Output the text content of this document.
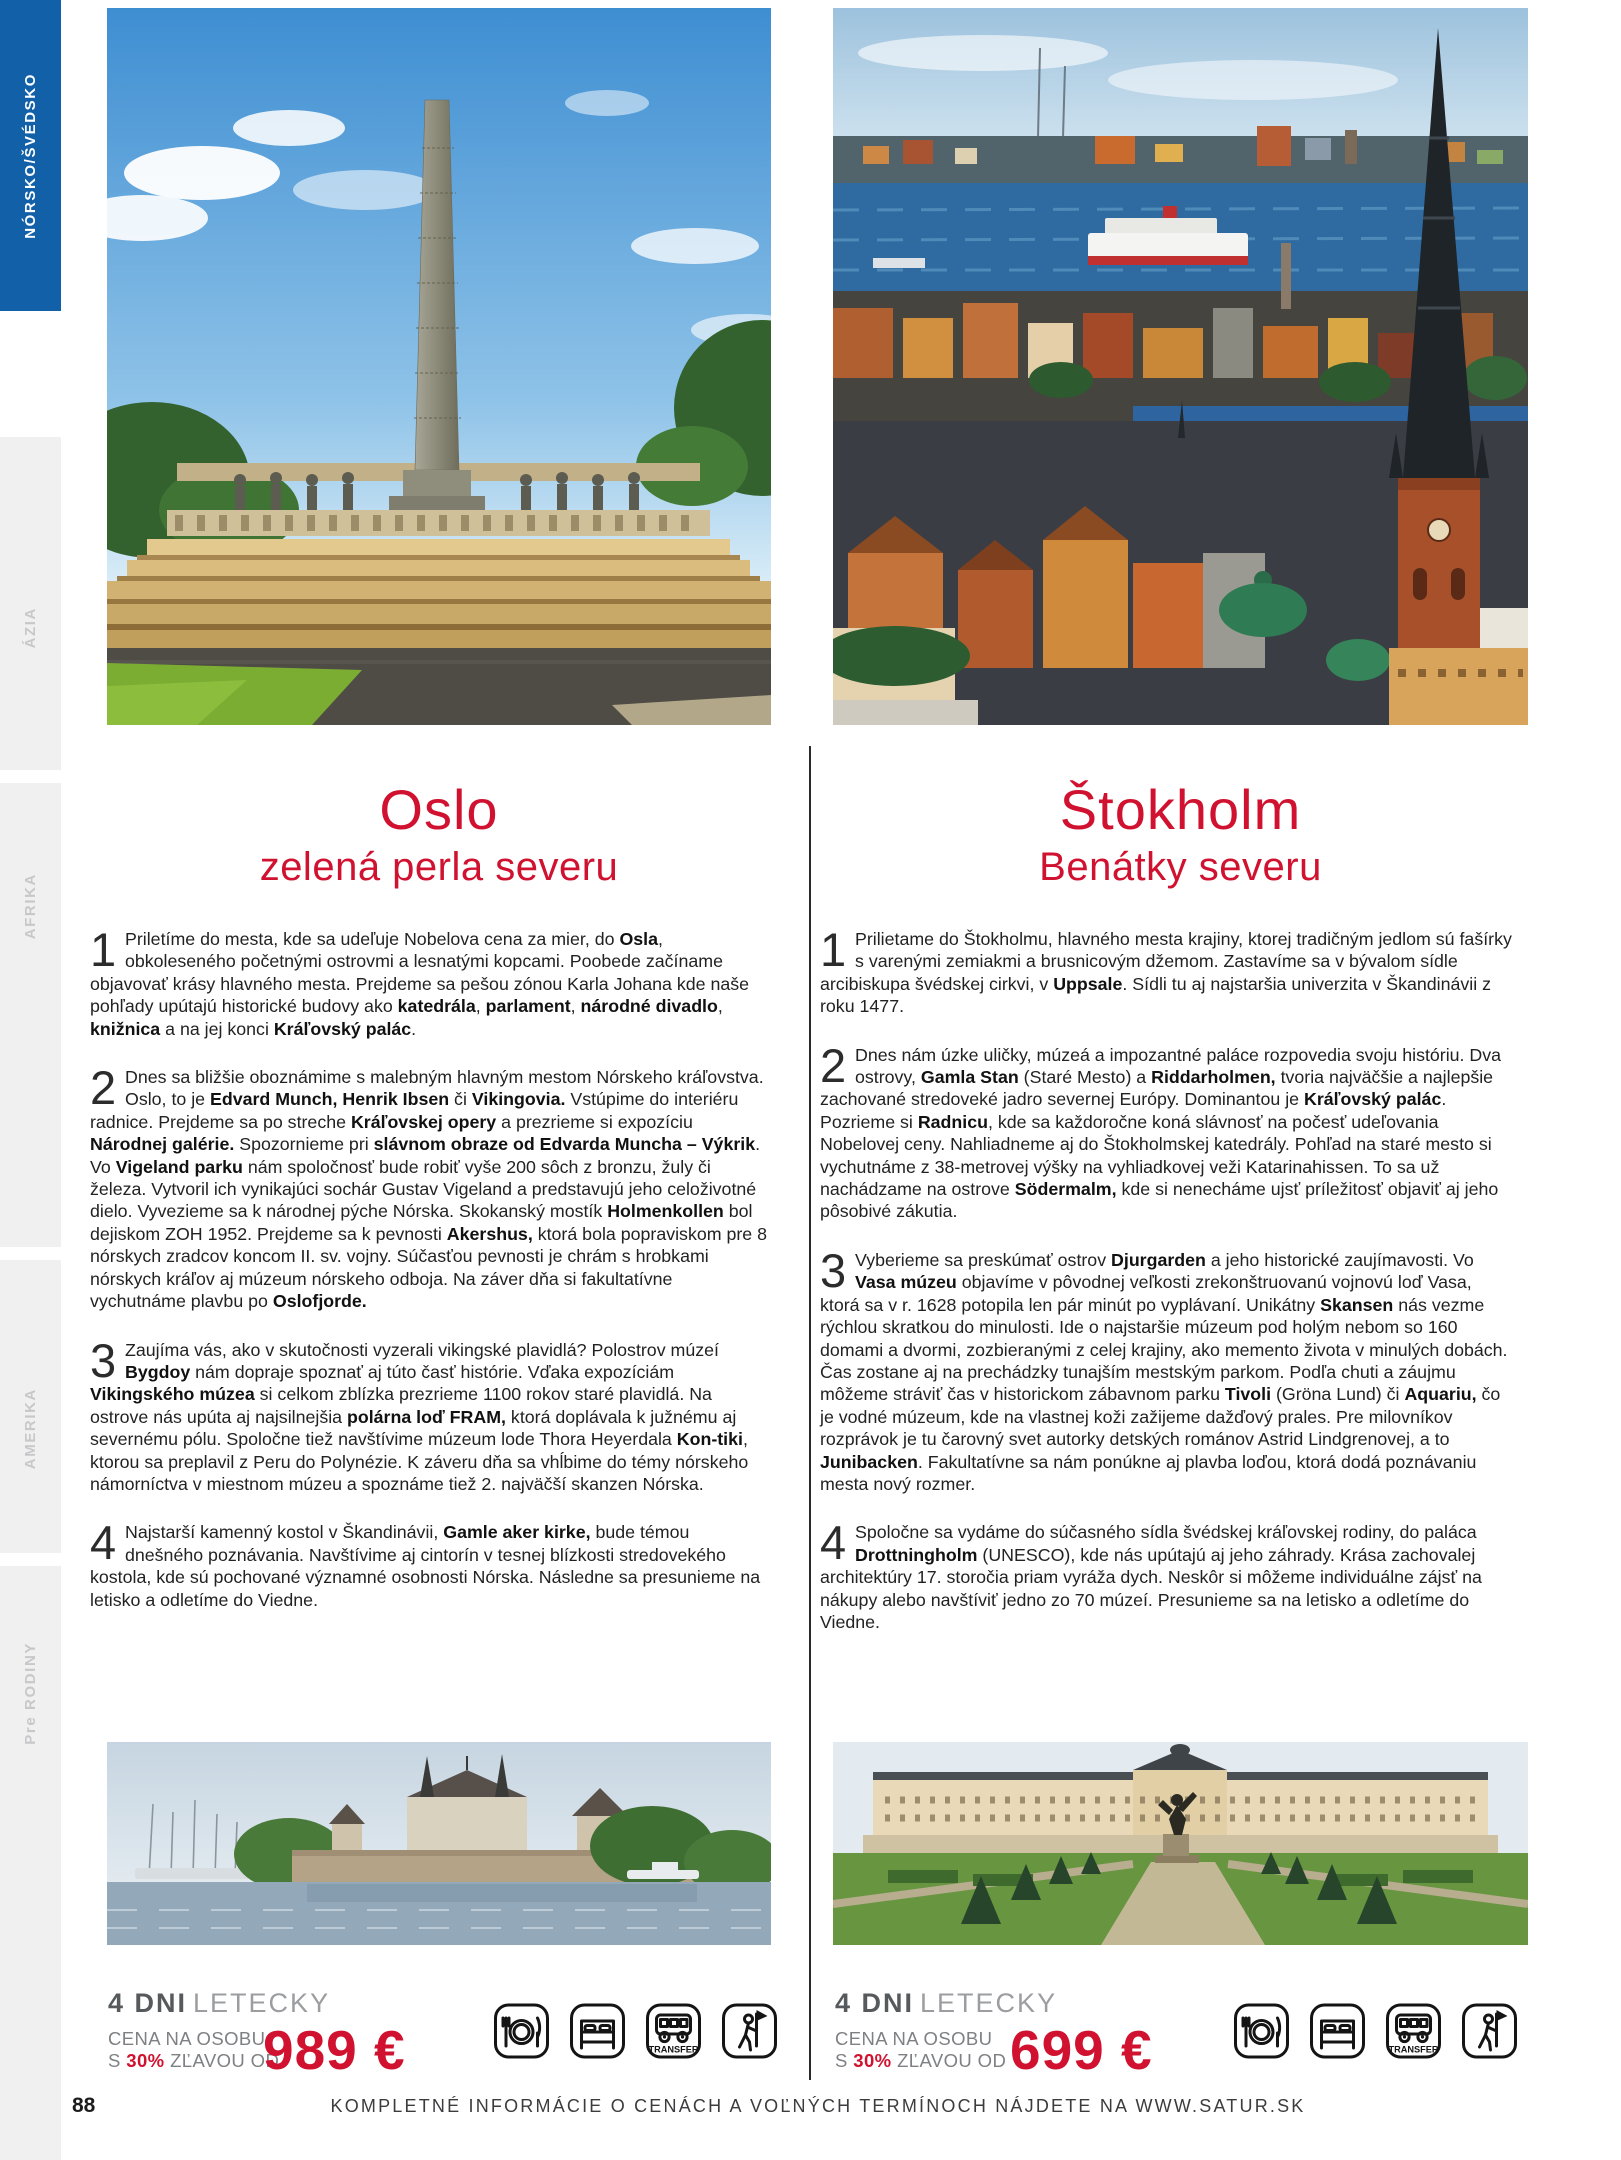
NÓRSKO/ŠVÉDSKO
ÁZIA
AFRIKA
AMERIKA
Pre RODINY
Oslo
zelená perla severu
Štokholm
Benátky severu
1 Priletíme do mesta, kde sa udeľuje Nobelova cena za mier, do Osla, obkoleseného početnými ostrovmi a lesnatými kopcami. Poobede začíname objavovať krásy hlavného mesta. Prejdeme sa pešou zónou Karla Johana kde naše pohľady upútajú historické budovy ako katedrála, parlament, národné divadlo, knižnica a na jej konci Kráľovský palác.
2 Dnes sa bližšie oboznámime s malebným hlavným mestom Nórskeho kráľovstva. Oslo, to je Edvard Munch, Henrik Ibsen či Vikingovia. Vstúpime do interiéru radnice. Prejdeme sa po streche Kráľovskej opery a prezrieme si expozíciu Národnej galérie. Spozornieme pri slávnom obraze od Edvarda Muncha – Výkrik. Vo Vigeland parku nám spoločnosť bude robiť vyše 200 sôch z bronzu, žuly či železa. Vytvoril ich vynikajúci sochár Gustav Vigeland a predstavujú jeho celoživotné dielo. Vyvezieme sa k národnej pýche Nórska. Skokanský mostík Holmenkollen bol dejiskom ZOH 1952. Prejdeme sa k pevnosti Akershus, ktorá bola popraviskom pre 8 nórskych zradcov koncom II. sv. vojny. Súčasťou pevnosti je chrám s hrobkami nórskych kráľov aj múzeum nórskeho odboja. Na záver dňa si fakultatívne vychutnáme plavbu po Oslofjorde.
3 Zaujíma vás, ako v skutočnosti vyzerali vikingské plavidlá? Polostrov múzeí Bygdoy nám dopraje spoznať aj túto časť histórie. Vďaka expozíciám Vikingského múzea si celkom zblízka prezrieme 1100 rokov staré plavidlá. Na ostrove nás upúta aj najsilnejšia polárna loď FRAM, ktorá doplávala k južnému aj severnému pólu. Spoločne tiež navštívime múzeum lode Thora Heyerdala Kon-tiki, ktorou sa preplavil z Peru do Polynézie. K záveru dňa sa vhĺbime do témy nórskeho námorníctva v miestnom múzeu a spoznáme tiež 2. najväčší skanzen Nórska.
4 Najstarší kamenný kostol v Škandinávii, Gamle aker kirke, bude témou dnešného poznávania. Navštívime aj cintorín v tesnej blízkosti stredovekého kostola, kde sú pochované významné osobnosti Nórska. Následne sa presunieme na letisko a odletíme do Viedne.
1 Prilietame do Štokholmu, hlavného mesta krajiny, ktorej tradičným jedlom sú fašírky s varenými zemiakmi a brusnicovým džemom. Zastavíme sa v bývalom sídle arcibiskupa švédskej cirkvi, v Uppsale. Sídli tu aj najstaršia univerzita v Škandinávii z roku 1477.
2 Dnes nám úzke uličky, múzeá a impozantné paláce rozpovedia svoju históriu. Dva ostrovy, Gamla Stan (Staré Mesto) a Riddarholmen, tvoria najväčšie a najlepšie zachované stredoveké jadro severnej Európy. Dominantou je Kráľovský palác. Pozrieme si Radnicu, kde sa každoročne koná slávnosť na počesť udeľovania Nobelovej ceny. Nahliadneme aj do Štokholmskej katedrály. Pohľad na staré mesto si vychutnáme z 38-metrovej výšky na vyhliadkovej veži Katarinahissen. To sa už nachádzame na ostrove Södermalm, kde si nenecháme ujsť príležitosť objaviť aj jeho pôsobivé zákutia.
3 Vyberieme sa preskúmať ostrov Djurgarden a jeho historické zaujímavosti. Vo Vasa múzeu objavíme v pôvodnej veľkosti zrekonštruovanú vojnovú loď Vasa, ktorá sa v r. 1628 potopila len pár minút po vyplávaní. Unikátny Skansen nás vezme rýchlou skratkou do minulosti. Ide o najstaršie múzeum pod holým nebom so 160 domami a dvormi, zozbieranými z celej krajiny, ako memento života v minulých dobách. Čas zostane aj na prechádzky tunajším mestským parkom. Podľa chuti a záujmu môžeme stráviť čas v historickom zábavnom parku Tivoli (Gröna Lund) či Aquariu, čo je vodné múzeum, kde na vlastnej koži zažijeme dažďový prales. Pre milovníkov rozprávok je tu čarovný svet autorky detských románov Astrid Lindgrenovej, a to Junibacken. Fakultatívne sa nám ponúkne aj plavba loďou, ktorá dodá poznávaniu mesta nový rozmer.
4 Spoločne sa vydáme do súčasného sídla švédskej kráľovskej rodiny, do paláca Drottningholm (UNESCO), kde nás upútajú aj jeho záhrady. Krása zachovalej architektúry 17. storočia priam vyráža dych. Neskôr si môžeme individuálne zájsť na nákupy alebo navštíviť jedno zo 70 múzeí. Presunieme sa na letisko a odletíme do Viedne.
4 DNI LETECKY
CENA NA OSOBU
S 30% ZĽAVOU OD
989 €	TRANSFER
4 DNI LETECKY
CENA NA OSOBU
S 30% ZĽAVOU OD 699 €	TRANSFER
88	KOMPLETNÉ INFORMÁCIE O CENÁCH A VOĽNÝCH TERMÍNOCH NÁJDETE NA WWW.SATUR.SK
